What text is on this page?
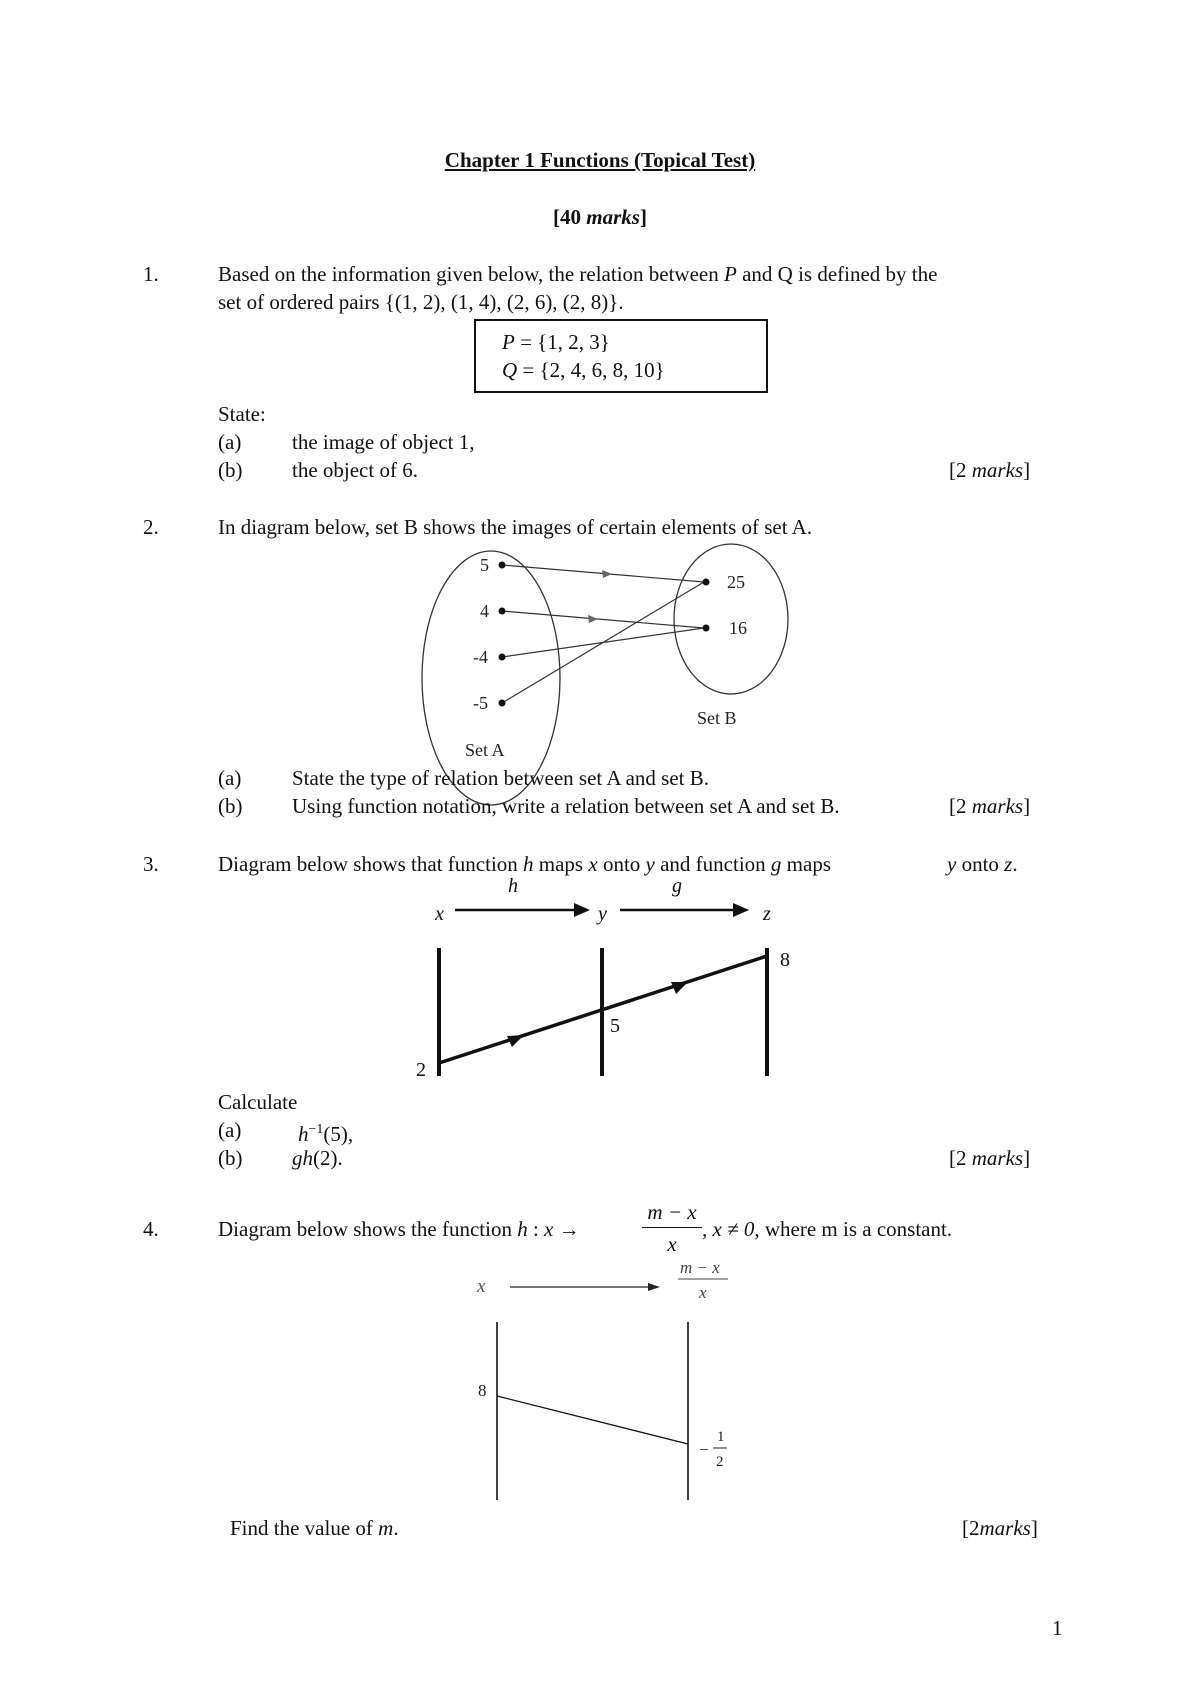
Chapter 1 Functions (Topical Test)
[40 marks]
1.	Based on the information given below, the relation between P and Q is defined by the
set of ordered pairs {(1, 2), (1, 4), (2, 6), (2, 8)}.
P = {1, 2, 3}
Q = {2, 4, 6, 8, 10}
State:
(a) the image of object 1,
(b) the object of 6.	[2 marks]
2.	In diagram below, set B shows the images of certain elements of set A.
5
4
-4
-5
25
16
Set B
Set A
(a) State the type of relation between set A and set B.
(b) Using function notation, write a relation between set A and set B.	[2 marks]
3.	Diagram below shows that function h maps x onto y and function g maps	y onto z.
x	y	z
h	g
2
5
8
Calculate
(a)	$h^{-1}(5)$,
(b) gh(2).	[2 marks]
4.	Diagram below shows the function h : x →
m − x
x
, x ≠ 0, where m is a constant.
x
m − x
x
8
−
1
2
Find the value of m.	[2marks]
1
